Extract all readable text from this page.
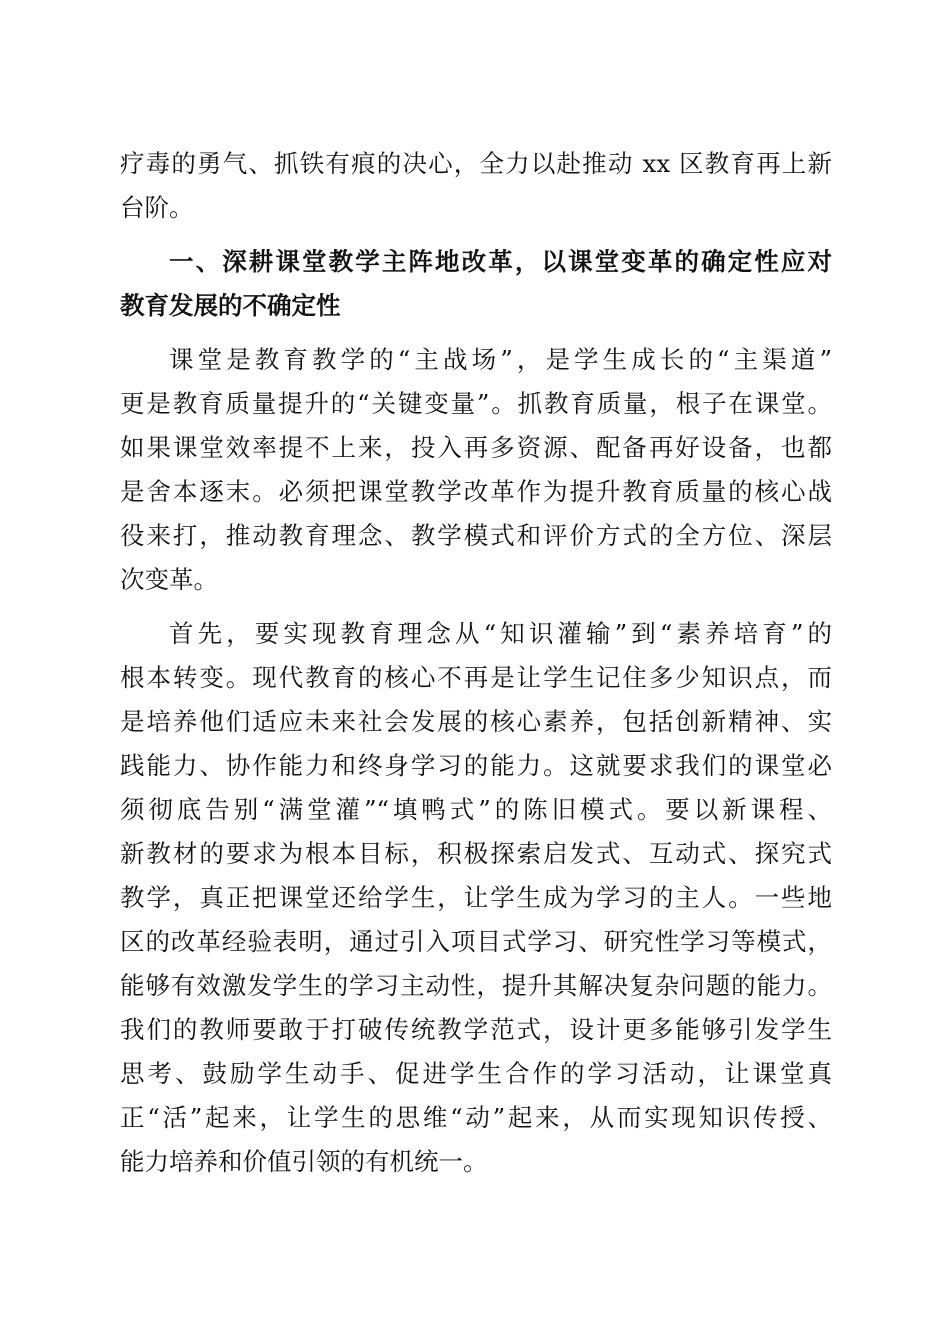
疗毒的勇气、抓铁有痕的决心，全力以赴推动 xx 区教育再上新
台阶。
一、深耕课堂教学主阵地改革，以课堂变革的确定性应对
教育发展的不确定性
课堂是教育教学的“主战场”，是学生成长的“主渠道”
更是教育质量提升的“关键变量”。抓教育质量，根子在课堂。
如果课堂效率提不上来，投入再多资源、配备再好设备，也都
是舍本逐末。必须把课堂教学改革作为提升教育质量的核心战
役来打，推动教育理念、教学模式和评价方式的全方位、深层
次变革。
首先，要实现教育理念从“知识灌输”到“素养培育”的
根本转变。现代教育的核心不再是让学生记住多少知识点，而
是培养他们适应未来社会发展的核心素养，包括创新精神、实
践能力、协作能力和终身学习的能力。这就要求我们的课堂必
须彻底告别“满堂灌”“填鸭式”的陈旧模式。要以新课程、
新教材的要求为根本目标，积极探索启发式、互动式、探究式
教学，真正把课堂还给学生，让学生成为学习的主人。一些地
区的改革经验表明，通过引入项目式学习、研究性学习等模式，
能够有效激发学生的学习主动性，提升其解决复杂问题的能力。
我们的教师要敢于打破传统教学范式，设计更多能够引发学生
思考、鼓励学生动手、促进学生合作的学习活动，让课堂真
正“活”起来，让学生的思维“动”起来，从而实现知识传授、
能力培养和价值引领的有机统一。
